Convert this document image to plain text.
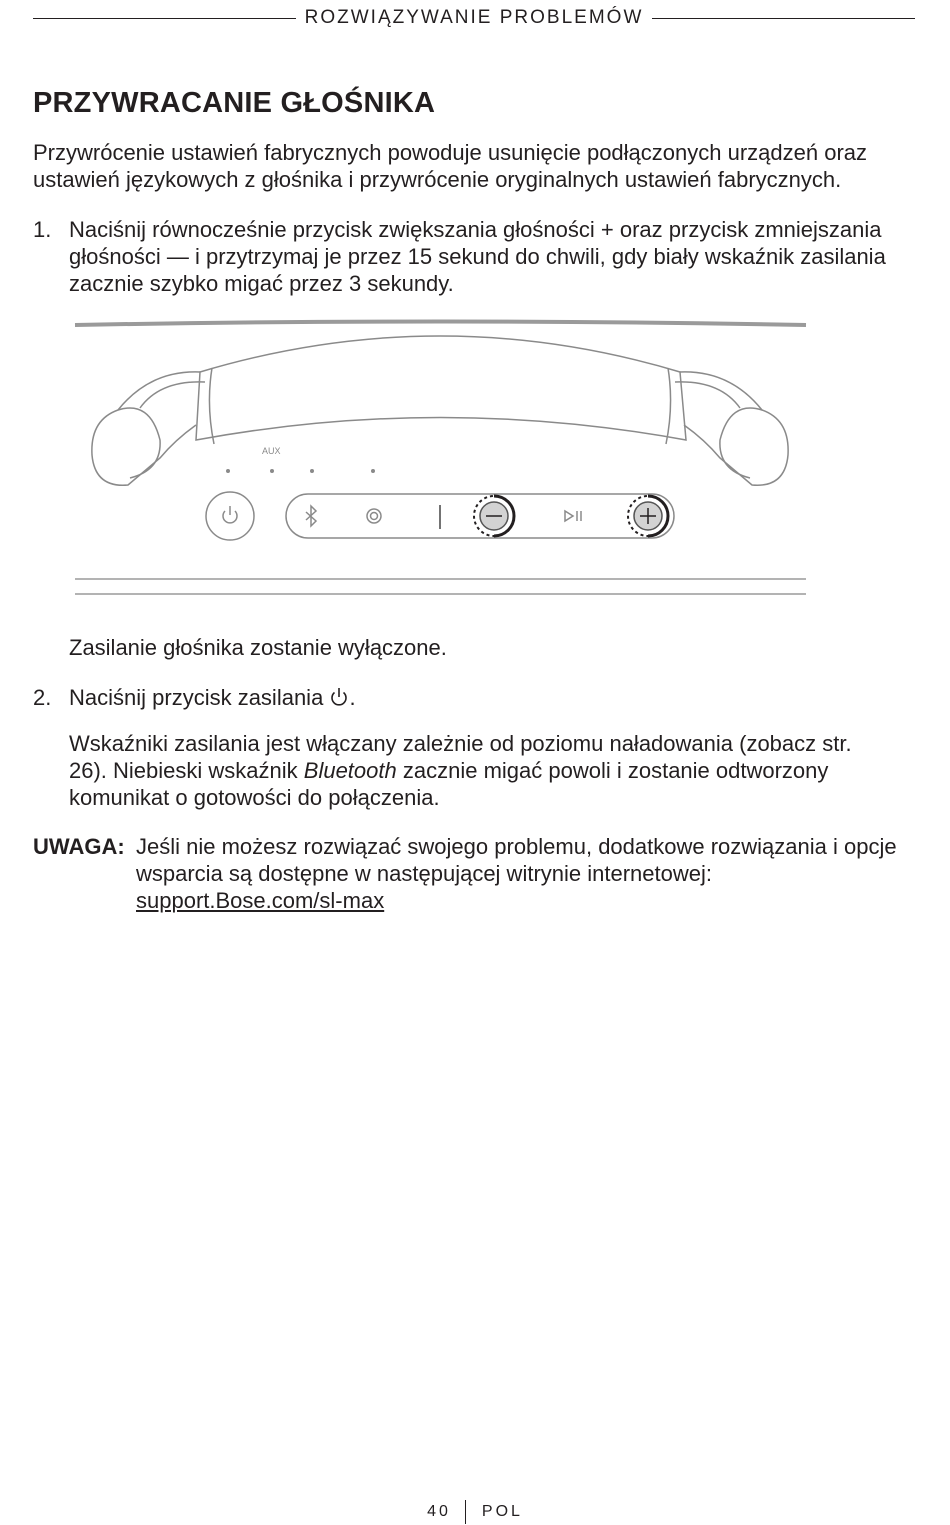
ROZWIĄZYWANIE PROBLEMÓW
PRZYWRACANIE GŁOŚNIKA

Przywrócenie ustawień fabrycznych powoduje usunięcie podłączonych urządzeń oraz ustawień językowych z głośnika i przywrócenie oryginalnych ustawień fabrycznych.

1. Naciśnij równocześnie przycisk zwiększania głośności + oraz przycisk zmniejszania głośności — i przytrzymaj je przez 15 sekund do chwili, gdy biały wskaźnik zasilania zacznie szybko migać przez 3 sekundy.
AUX

Zasilanie głośnika zostanie wyłączone.

2. Naciśnij przycisk zasilania .

Wskaźniki zasilania jest włączany zależnie od poziomu naładowania (zobacz str. 26). Niebieski wskaźnik Bluetooth zacznie migać powoli i zostanie odtworzony komunikat o gotowości do połączenia.

UWAGA: Jeśli nie możesz rozwiązać swojego problemu, dodatkowe rozwiązania i opcje wsparcia są dostępne w następującej witrynie internetowej:
support.Bose.com/sl-max
40 POL
